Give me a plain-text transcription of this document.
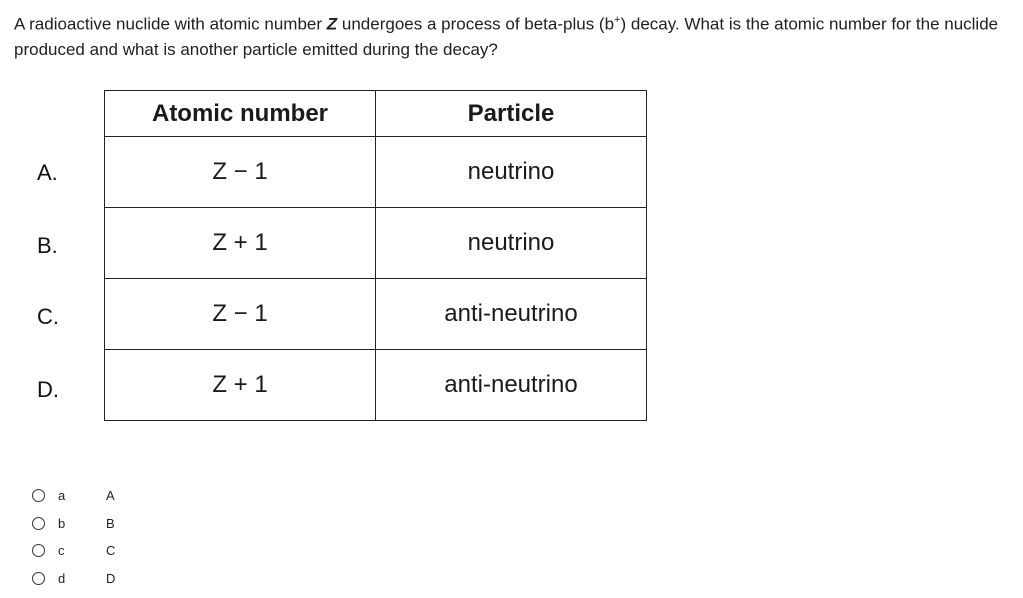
A radioactive nuclide with atomic number Z undergoes a process of beta-plus (b+) decay. What is the atomic number for the nuclide produced and what is another particle emitted during the decay?
Atomic number	Particle
Z − 1	neutrino
Z + 1	neutrino
Z − 1	anti-neutrino
Z + 1	anti-neutrino
A.
B.
C.
D.
a	A
b	B
c	C
d	D
